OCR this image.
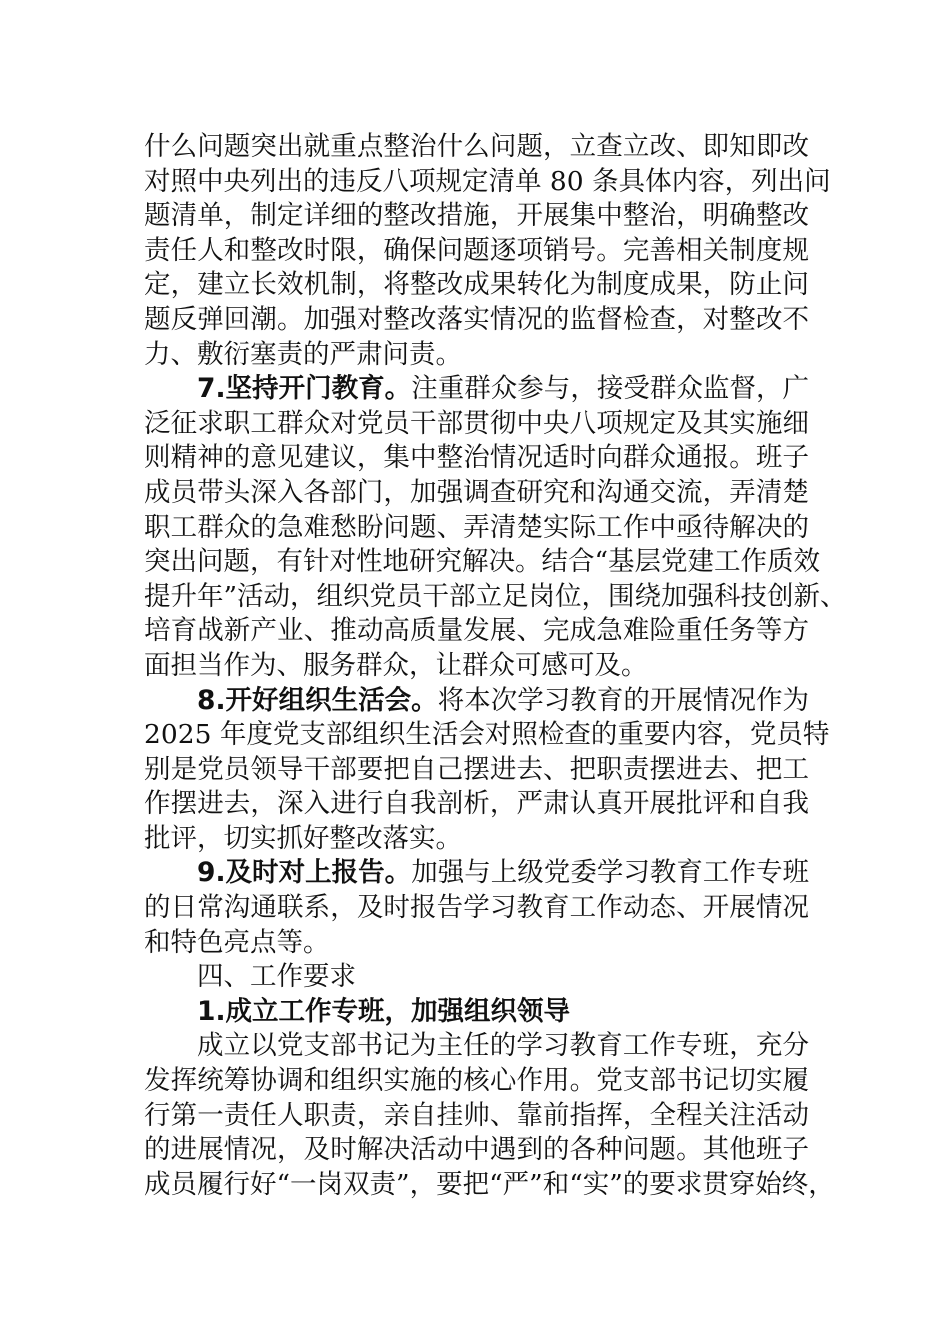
什么问题突出就重点整治什么问题，立查立改、即知即改
对照中央列出的违反八项规定清单 80 条具体内容，列出问
题清单，制定详细的整改措施，开展集中整治，明确整改
责任人和整改时限，确保问题逐项销号。完善相关制度规
定，建立长效机制，将整改成果转化为制度成果，防止问
题反弹回潮。加强对整改落实情况的监督检查，对整改不
力、敷衍塞责的严肃问责。
7.坚持开门教育。注重群众参与，接受群众监督，广
泛征求职工群众对党员干部贯彻中央八项规定及其实施细
则精神的意见建议，集中整治情况适时向群众通报。班子
成员带头深入各部门，加强调查研究和沟通交流，弄清楚
职工群众的急难愁盼问题、弄清楚实际工作中亟待解决的
突出问题，有针对性地研究解决。结合“基层党建工作质效
提升年”活动，组织党员干部立足岗位，围绕加强科技创新、
培育战新产业、推动高质量发展、完成急难险重任务等方
面担当作为、服务群众，让群众可感可及。
8.开好组织生活会。将本次学习教育的开展情况作为
2025 年度党支部组织生活会对照检查的重要内容，党员特
别是党员领导干部要把自己摆进去、把职责摆进去、把工
作摆进去，深入进行自我剖析，严肃认真开展批评和自我
批评，切实抓好整改落实。
9.及时对上报告。加强与上级党委学习教育工作专班
的日常沟通联系，及时报告学习教育工作动态、开展情况
和特色亮点等。
四、工作要求
1.成立工作专班，加强组织领导
成立以党支部书记为主任的学习教育工作专班，充分
发挥统筹协调和组织实施的核心作用。党支部书记切实履
行第一责任人职责，亲自挂帅、靠前指挥，全程关注活动
的进展情况，及时解决活动中遇到的各种问题。其他班子
成员履行好“一岗双责”，要把“严”和“实”的要求贯穿始终，
